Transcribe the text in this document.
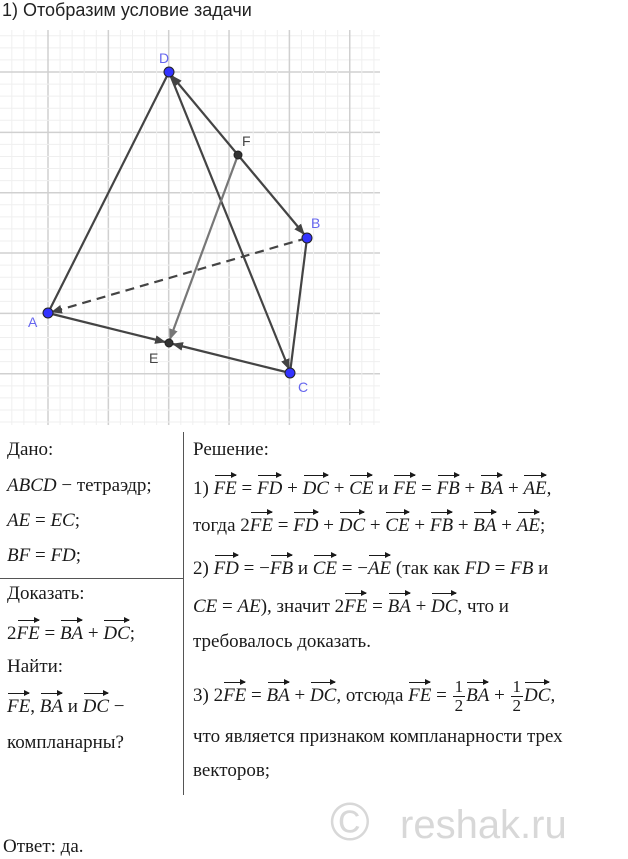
1) Отобразим условие задачи
D
F
B
A
E
C
Дано:
ABCD − тетраэдр;
AE = EC;
BF = FD;
Доказать:
2FE = BA + DC;
Найти:
FE, BA и DC −
компланарны?
Решение:
1) FE = FD + DC + CE и FE = FB + BA + AE,
тогда 2FE = FD + DC + CE + FB + BA + AE;
2) FD = −FB и CE = −AE (так как FD = FB и
CE = AE), значит 2FE = BA + DC, что и
требовалось доказать.
3) 2FE = BA + DC, отсюда FE = $\frac{1}{2}$ BA + $\frac{1}{2}$ DC,
что является признаком компланарности трех
векторов;
Ответ: да.	© reshak.ru
